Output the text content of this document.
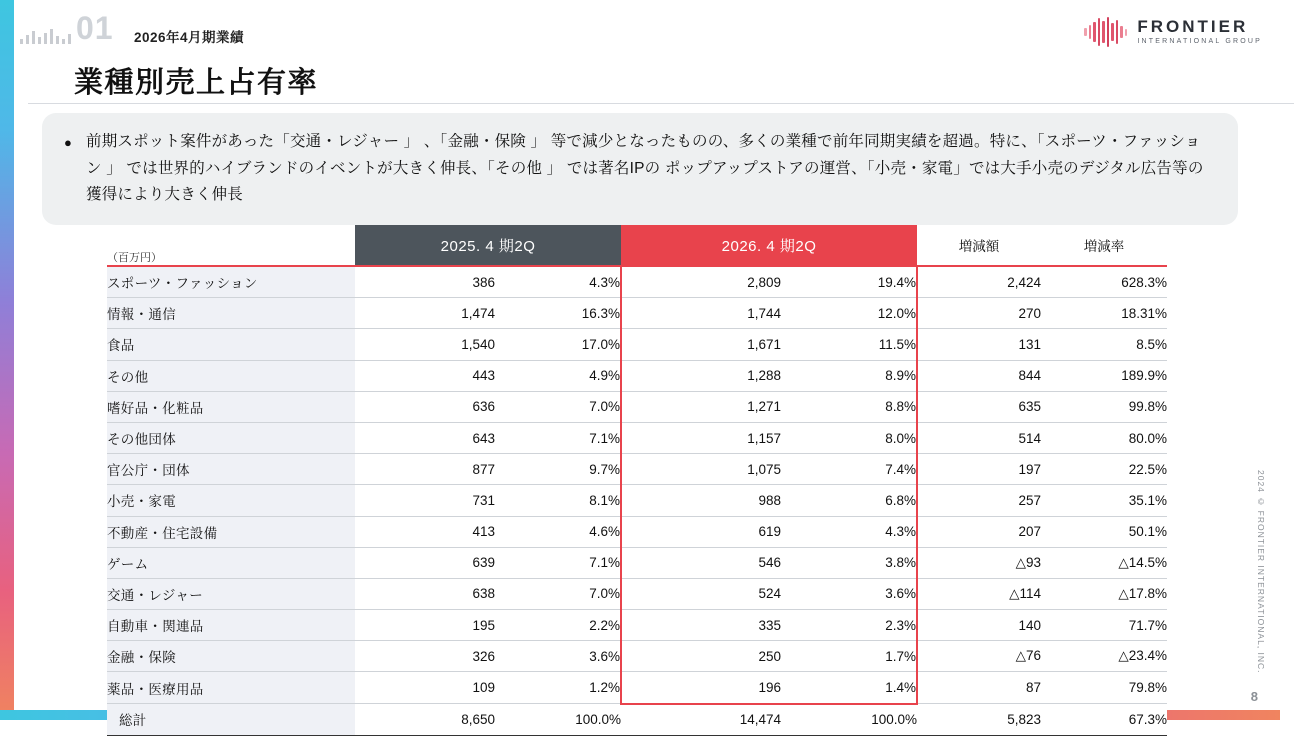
01 2026年4月期業績
業種別売上占有率
FRONTIER
INTERNATIONAL GROUP
● 前期スポット案件があった「交通・レジャー 」 、「金融・保険 」 等で減少となったものの、多くの業種で前年同期実績を超過。特に、「スポーツ・ファッション 」 では世界的ハイブランドのイベントが大きく伸長、「その他 」 では著名IPの ポップアップストアの運営、「小売・家電」では大手小売のデジタル広告等の獲得により大きく伸長
（百万円）	2025. 4 期2Q		2026. 4 期2Q		増減額	増減率
スポーツ・ファッション	386	4.3%	2,809	19.4%	2,424	628.3%
情報・通信	1,474	16.3%	1,744	12.0%	270	18.31%
食品	1,540	17.0%	1,671	11.5%	131	8.5%
その他	443	4.9%	1,288	8.9%	844	189.9%
嗜好品・化粧品	636	7.0%	1,271	8.8%	635	99.8%
その他団体	643	7.1%	1,157	8.0%	514	80.0%
官公庁・団体	877	9.7%	1,075	7.4%	197	22.5%
小売・家電	731	8.1%	988	6.8%	257	35.1%
不動産・住宅設備	413	4.6%	619	4.3%	207	50.1%
ゲーム	639	7.1%	546	3.8%	△93	△14.5%
交通・レジャー	638	7.0%	524	3.6%	△114	△17.8%
自動車・関連品	195	2.2%	335	2.3%	140	71.7%
金融・保険	326	3.6%	250	1.7%	△76	△23.4%
薬品・医療用品	109	1.2%	196	1.4%	87	79.8%
総計	8,650	100.0%	14,474	100.0%	5,823	67.3%
2024 © FRONTIER INTERNATIONAL, INC.
8
